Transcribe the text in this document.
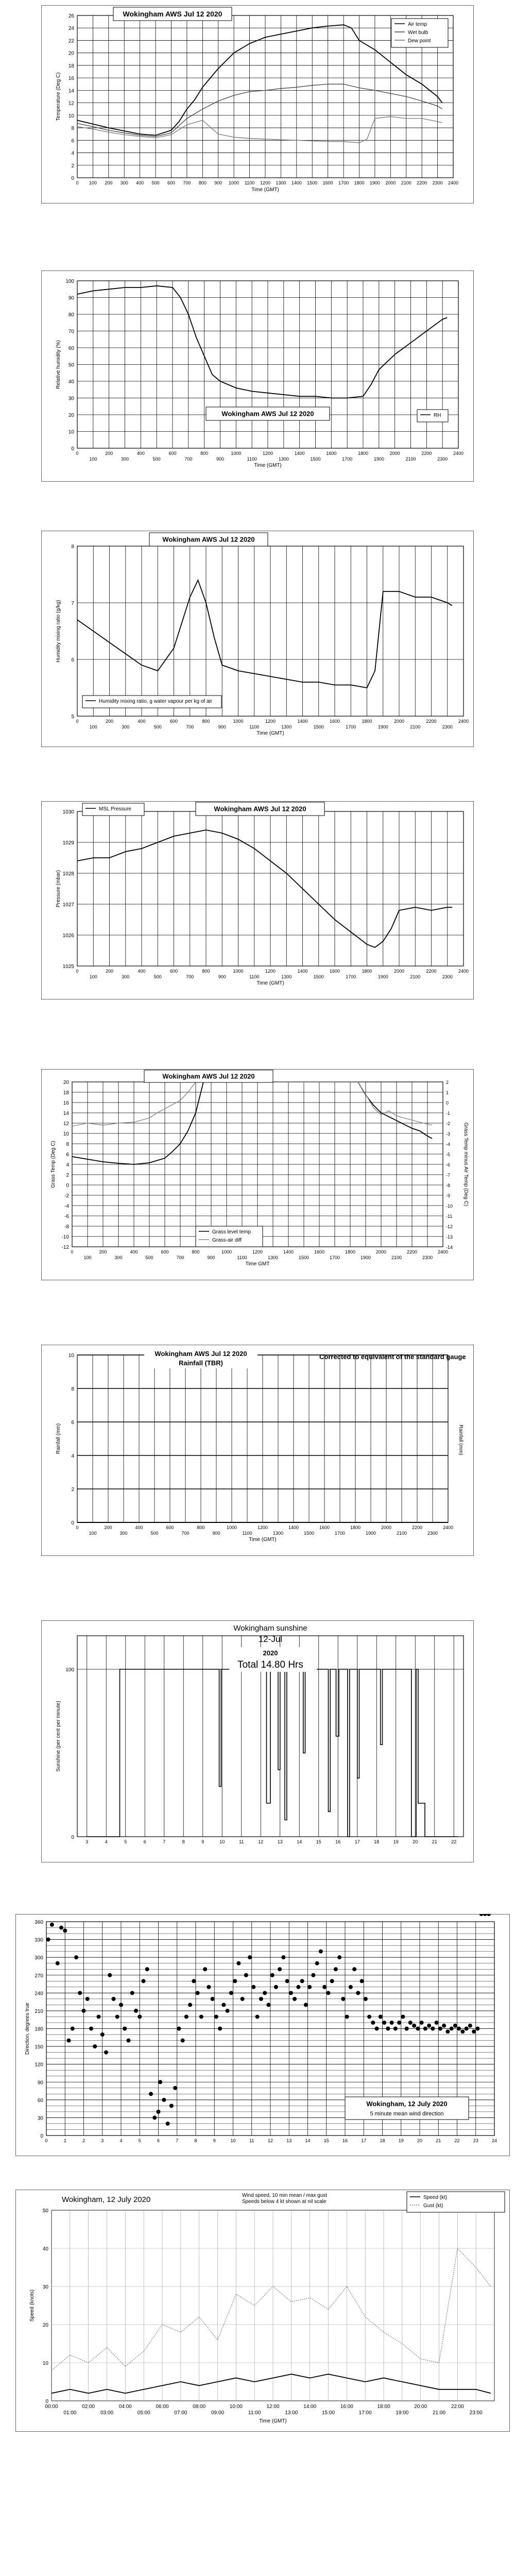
0
2
4
6
8
10
12
14
16
18
20
22
24
26
0 100 200 300 400 500 600 700 800 900 1000 1100 1200 1300 1400 1500 1600 1700 1800 1900 2000 2100 2200 2300 2400
Time (GMT)
Temperature (Deg C)
Wokingham AWS Jul 12 2020
Air temp
Wet bulb
Dew point
0
10
20
30
40
50
60
70
80
90
100
0	200	400	600	800	1000	1200	1400	1600	1800	2000	2200	2400
100	300	500	700	900	1100	1300	1500	1700	1900	2100	2300
Time (GMT)
Relative humidity (%)
Wokingham AWS Jul 12 2020	RH
5
6
7
8
0	200	400	600	800	1000	1200	1400	1600	1800	2000	2200	2400
100	300	500	700	900	1100	1300	1500	1700	1900	2100	2300
Time (GMT)
Humidity mixing ratio (g/kg)
Wokingham AWS Jul 12 2020
Humidity mixing ratio, g water vapour per kg of air
1025
1026
1027
1028
1029
1030
0	200	400	600	800	1000	1200	1400	1600	1800	2000	2200	2400
100	300	500	700	900	1100	1300	1500	1700	1900	2100	2300
Time (GMT)
Pressure (mbar)
Wokingham AWS Jul 12 2020
MSL Pressure
-12
-10
-8
-6
-4
-2
0
2
4
6
8
10
12
14
16
18
20
0	200	400	600	800	1000	1200	1400	1600	1800	2000	2200	2400
100	300	500	700	900	1100	1300	1500	1700	1900	2100	2300
Time GMT
Grass Temp (Deg C)
-14
-13
-12
-11
-10
-9
-8
-7
-6
-5
-4
-3
-2
-1
0
1
2
Grass Temp minus Air Temp (Deg C)
Wokingham AWS Jul 12 2020
Grass level temp
Grass-air diff
0
2
4
6
8
10
0	200	400	600	800	1000	1200	1400	1600	1800	2000	2200	2400
100	300	500	700	900	1100	1300	1500	1700	1900	2100	2300
Time (GMT)
Rainfall (mm)	Rainfall (mm)
Wokingham AWS Jul 12 2020
Rainfall (TBR)
Corrected to equivalent of the standard gauge
0
100
3	4	5	6	7	8	9	10	11	12	13	14	15	16	17	18	19	20	21	22
Sunshine (per cent per minute)
Wokingham sunshine
12-Jul
2020
Total 14.80 Hrs
0
30
60
90
120
150
180
210
240
270
300
330
360
0	1	2	3	4	5	6	7	8	9	10	11	12	13	14	15	16	17	18	19	20	21	22	23	24
Direction, degrees true
Wokingham, 12 July 2020
5 minute mean wind direction
0
10
20
30
40
50
00:00	02:00	04:00	06:00	08:00	10:00	12:00	14:00	16:00	18:00	20:00	22:00
01:00	03:00	05:00	07:00	09:00	11:00	13:00	15:00	17:00	19:00	21:00	23:00
Time (GMT)
Speed (knots)
Wokingham, 12 July 2020	Wind speed, 10 min mean / max gust
Speeds below 4 kt shown at nil scale
Speed (kt)
Gust (kt)
